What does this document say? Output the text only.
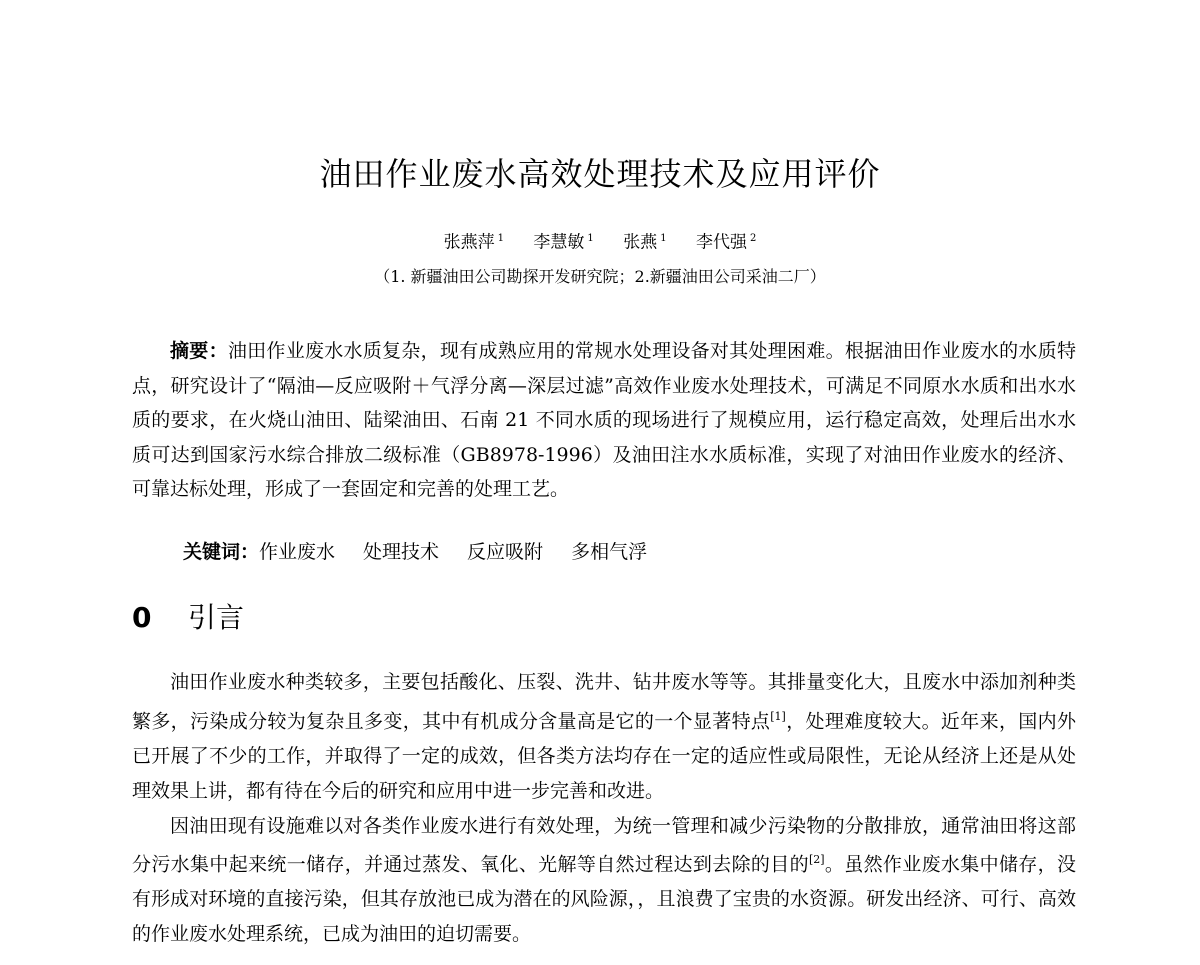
油田作业废水高效处理技术及应用评价
张燕萍 $^1$ 李慧敏 $^1$ 张燕 $^1$ 李代强 $^2$
（1. 新疆油田公司勘探开发研究院；2.新疆油田公司采油二厂）

摘要：油田作业废水水质复杂，现有成熟应用的常规水处理设备对其处理困难。根据油田作业废水的水质特点，研究设计了“隔油—反应吸附＋气浮分离—深层过滤”高效作业废水处理技术，可满足不同原水水质和出水水质的要求，在火烧山油田、陆梁油田、石南 21 不同水质的现场进行了规模应用，运行稳定高效，处理后出水水质可达到国家污水综合排放二级标准（GB8978-1996）及油田注水水质标准，实现了对油田作业废水的经济、可靠达标处理，形成了一套固定和完善的处理工艺。

关键词：作业废水 处理技术 反应吸附 多相气浮
0 引言

油田作业废水种类较多，主要包括酸化、压裂、洗井、钻井废水等等。其排量变化大，且废水中添加剂种类繁多，污染成分较为复杂且多变，其中有机成分含量高是它的一个显著特点[1]，处理难度较大。近年来，国内外已开展了不少的工作，并取得了一定的成效，但各类方法均存在一定的适应性或局限性，无论从经济上还是从处理效果上讲，都有待在今后的研究和应用中进一步完善和改进。

因油田现有设施难以对各类作业废水进行有效处理，为统一管理和减少污染物的分散排放，通常油田将这部分污水集中起来统一储存，并通过蒸发、氧化、光解等自然过程达到去除的目的[2]。虽然作业废水集中储存，没有形成对环境的直接污染，但其存放池已成为潜在的风险源，，且浪费了宝贵的水资源。研发出经济、可行、高效的作业废水处理系统，已成为油田的迫切需要。
